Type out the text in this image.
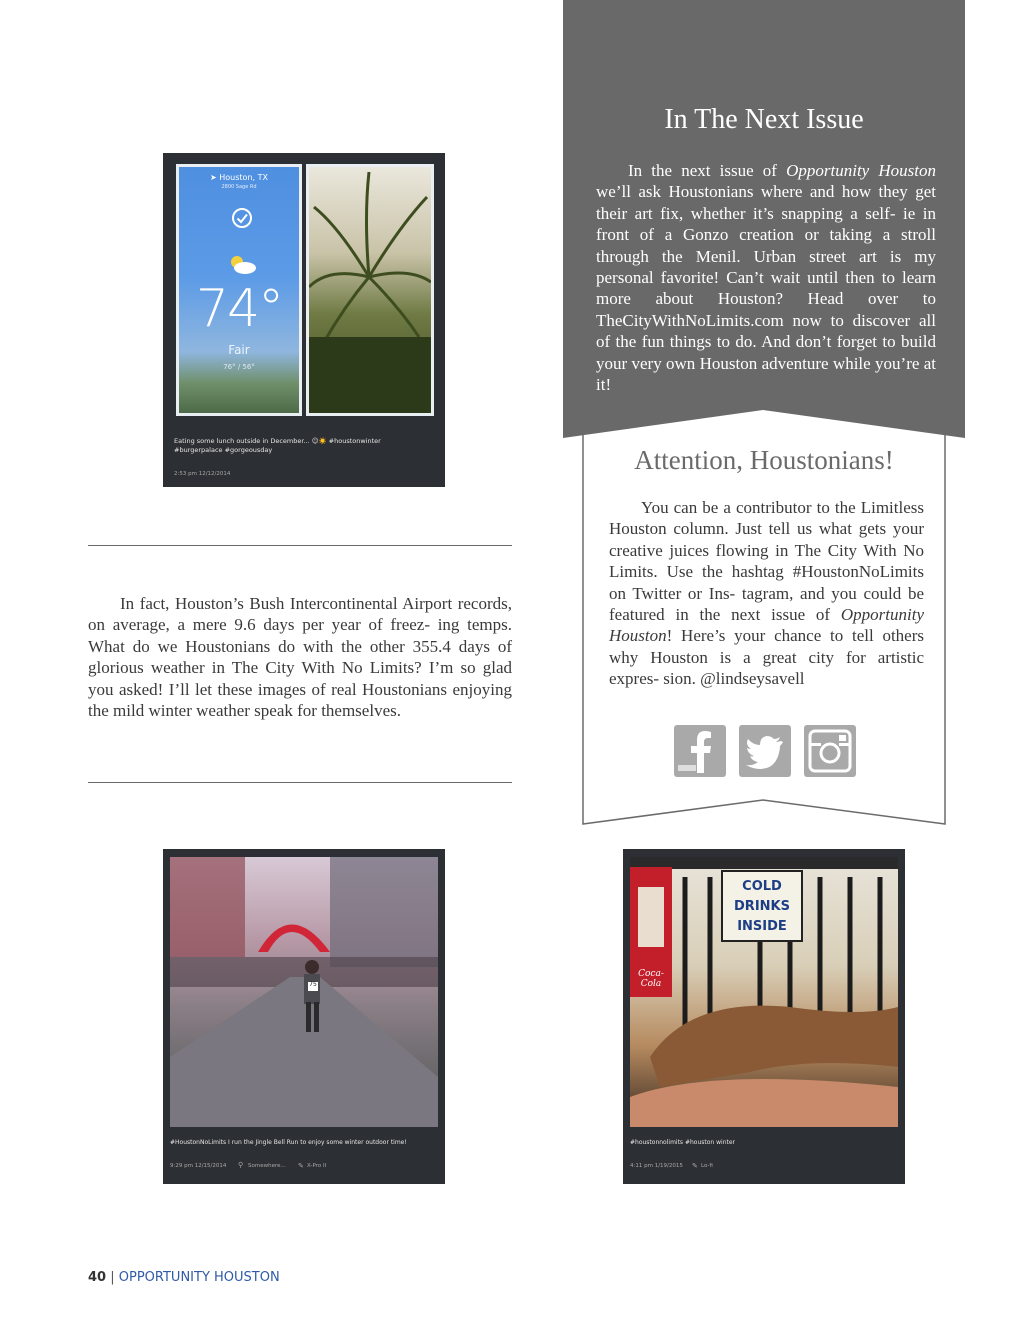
➤ Houston, TX
2800 Sage Rd
74°
Fair
76° / 56°
Eating some lunch outside in December... ☺☀️ #houstonwinter
#burgerpalace #gorgeousday
2:53 pm 12/12/2014
In The Next Issue
In the next issue of Opportunity Houston we’ll ask Houstonians where and how they get their art fix, whether it’s snapping a self- ie in front of a Gonzo creation or taking a stroll through the Menil. Urban street art is my personal favorite! Can’t wait until then to learn more about Houston? Head over to TheCityWithNoLimits.com now to discover all of the fun things to do. And don’t forget to build your very own Houston adventure while you’re at it!
Attention, Houstonians!
You can be a contributor to the Limitless Houston column. Just tell us what gets your creative juices flowing in The City With No Limits. Use the hashtag #HoustonNoLimits on Twitter or Ins- tagram, and you could be featured in the next issue of Opportunity Houston! Here’s your chance to tell others why Houston is a great city for artistic expres- sion. @lindseysavell
In fact, Houston’s Bush Intercontinental Airport records, on average, a mere 9.6 days per year of freez- ing temps. What do we Houstonians do with the other 355.4 days of glorious weather in The City With No Limits? I’m so glad you asked! I’ll let these images of real Houstonians enjoying the mild winter weather speak for themselves.
75
#HoustonNoLimits I run the Jingle Bell Run to enjoy some winter outdoor time!
9:29 pm 12/15/2014 ⚲ Somewhere... ✎ X-Pro II
COLD DRINKS INSIDE
Coca-Cola
#houstonnolimits #houston winter
4:11 pm 1/19/2015 ✎ Lo-fi
40 | OPPORTUNITY HOUSTON
